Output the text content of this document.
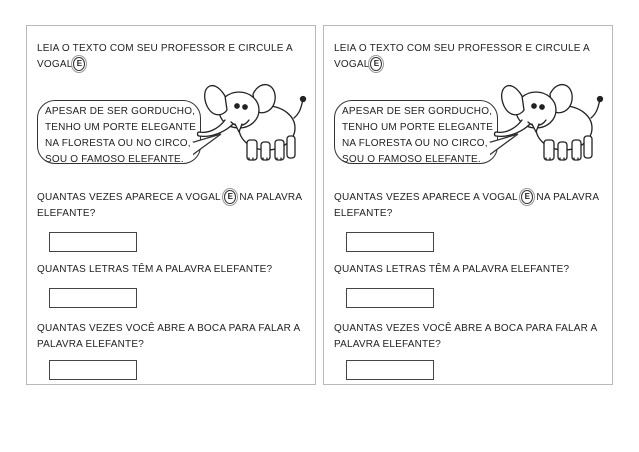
LEIA O TEXTO COM SEU PROFESSOR E CIRCULE A
VOGAL E
APESAR DE SER GORDUCHO,
TENHO UM PORTE ELEGANTE
NA FLORESTA OU NO CIRCO,
SOU O FAMOSO ELEFANTE.
QUANTAS VEZES APARECE A VOGAL E NA PALAVRA
ELEFANTE?
QUANTAS LETRAS TÊM A PALAVRA ELEFANTE?
QUANTAS VEZES VOCÊ ABRE A BOCA PARA FALAR A
PALAVRA ELEFANTE?
LEIA O TEXTO COM SEU PROFESSOR E CIRCULE A
VOGAL E
APESAR DE SER GORDUCHO,
TENHO UM PORTE ELEGANTE
NA FLORESTA OU NO CIRCO,
SOU O FAMOSO ELEFANTE.
QUANTAS VEZES APARECE A VOGAL E NA PALAVRA
ELEFANTE?
QUANTAS LETRAS TÊM A PALAVRA ELEFANTE?
QUANTAS VEZES VOCÊ ABRE A BOCA PARA FALAR A
PALAVRA ELEFANTE?
